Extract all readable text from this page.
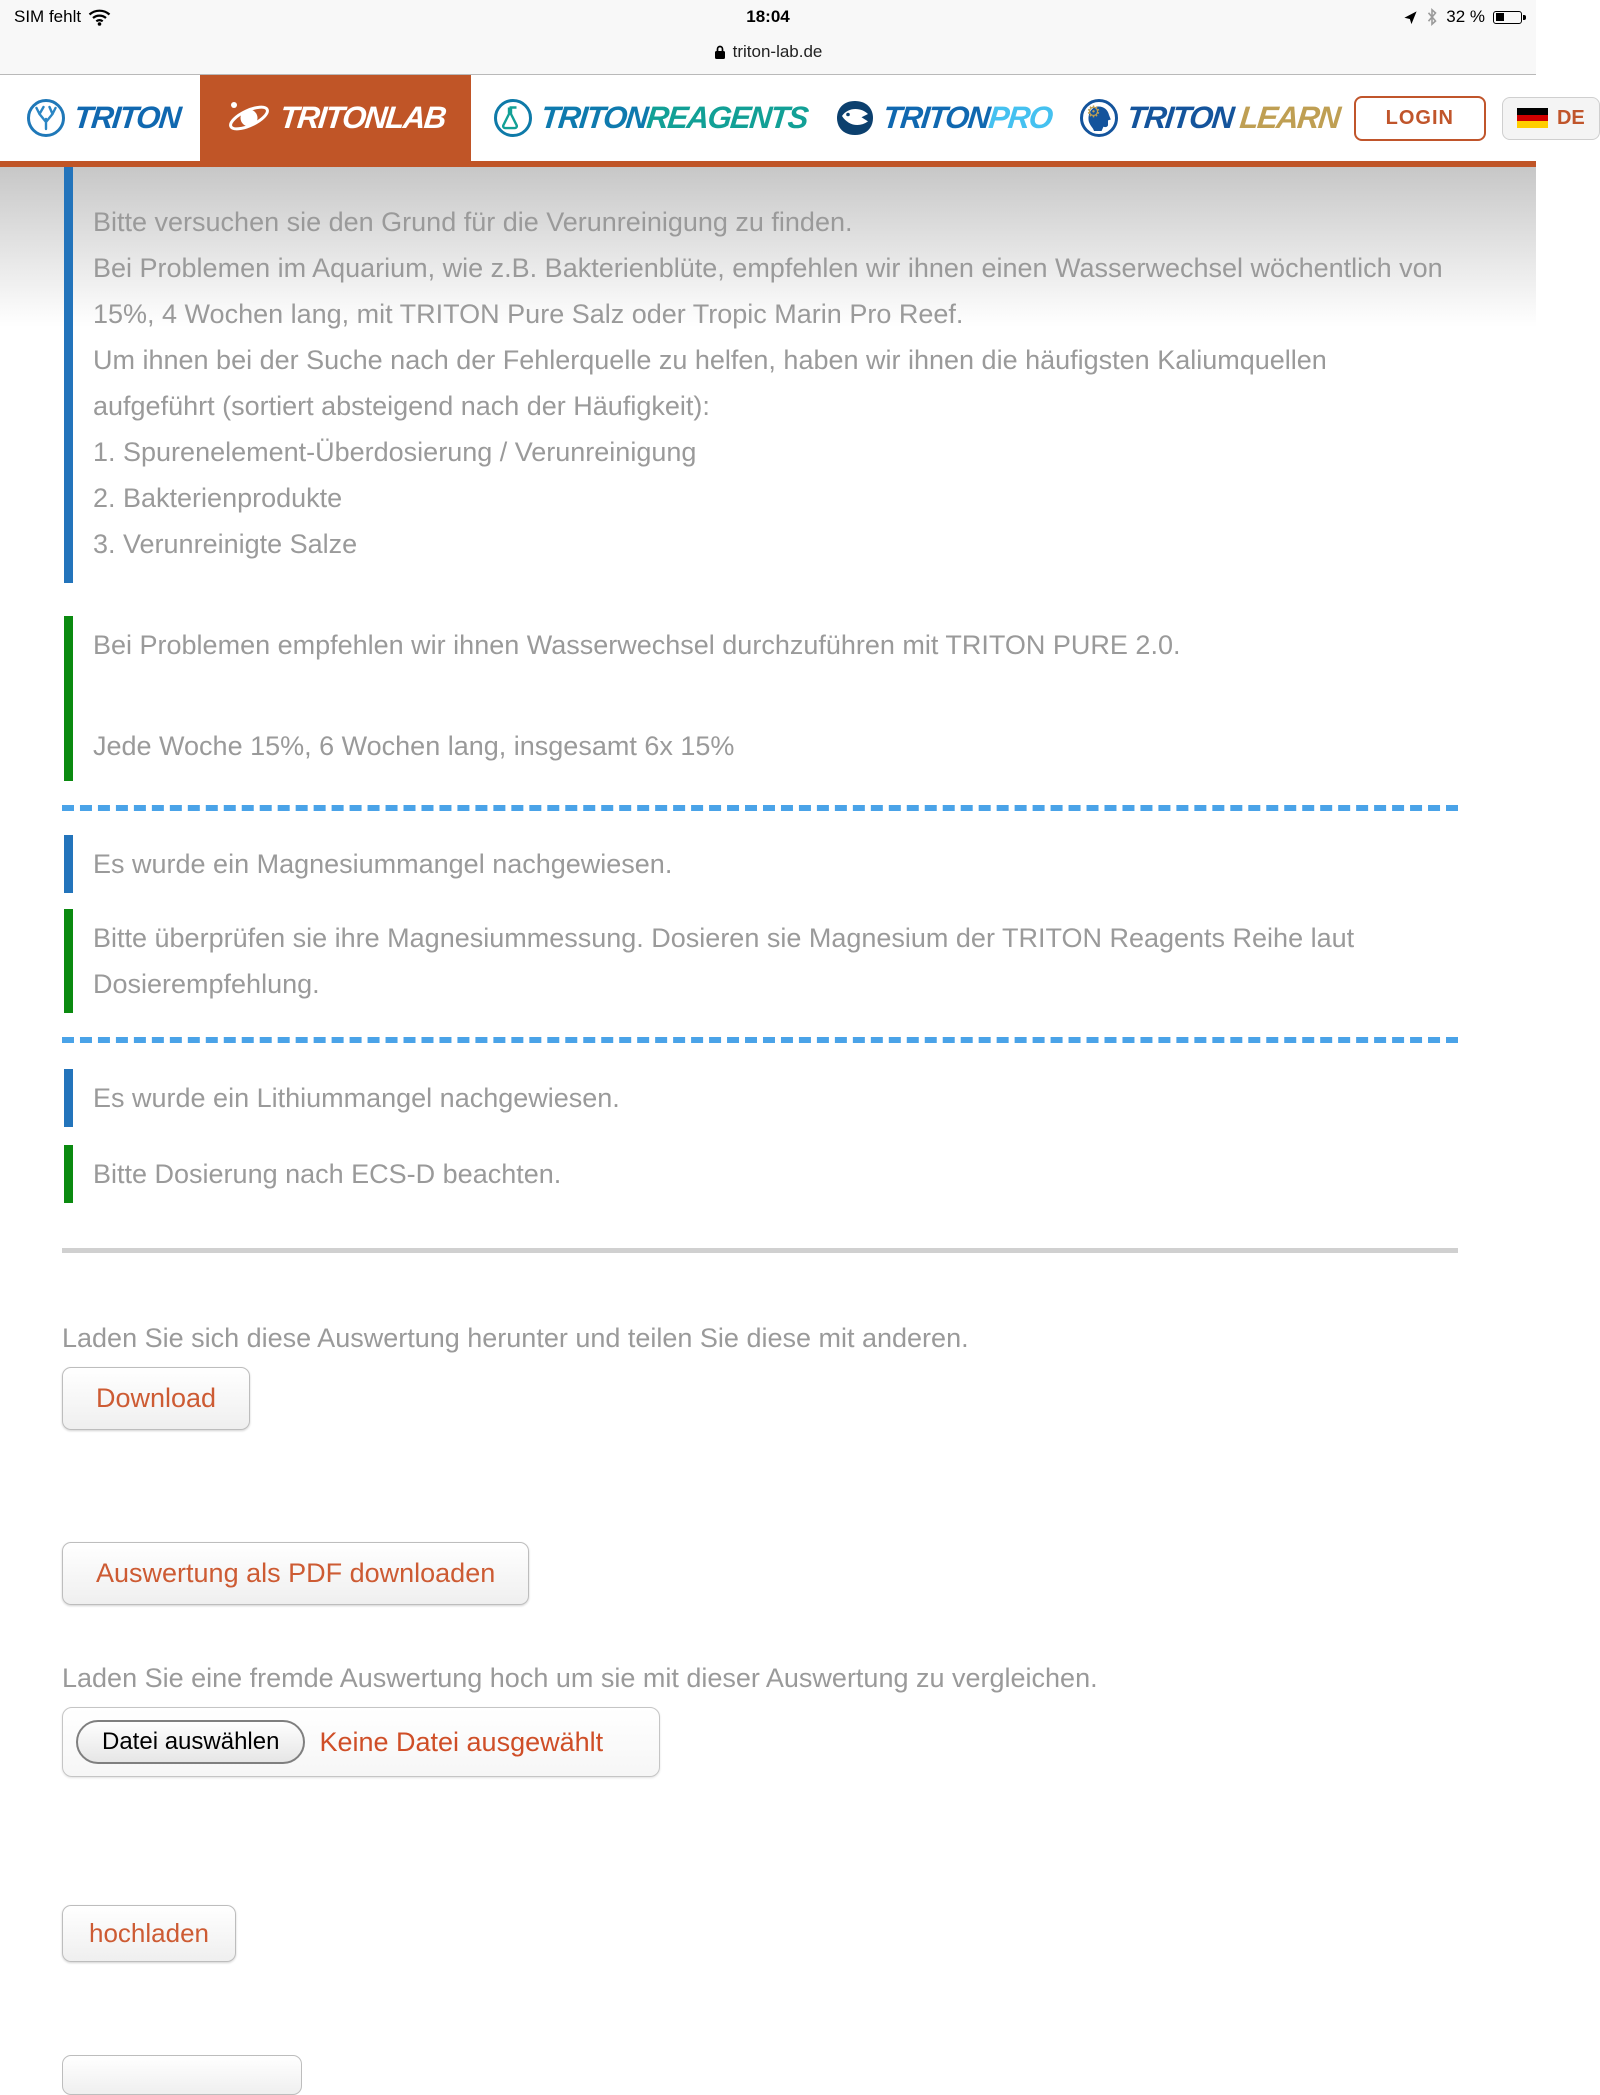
SIM fehlt	18:04	32 %
triton-lab.de
TRITON	TRITONLAB	TRITONREAGENTS TRITONPRO ⚙ TRITON LEARN	LOGIN	DE

Bitte versuchen sie den Grund für die Verunreinigung zu finden.

Bei Problemen im Aquarium, wie z.B. Bakterienblüte, empfehlen wir ihnen einen Wasserwechsel wöchentlich von 15%, 4 Wochen lang, mit TRITON Pure Salz oder Tropic Marin Pro Reef.

Um ihnen bei der Suche nach der Fehlerquelle zu helfen, haben wir ihnen die häufigsten Kaliumquellen aufgeführt (sortiert absteigend nach der Häufigkeit):

1. Spurenelement-Überdosierung / Verunreinigung

2. Bakterienprodukte

3. Verunreinigte Salze

Bei Problemen empfehlen wir ihnen Wasserwechsel durchzuführen mit TRITON PURE 2.0.

Jede Woche 15%, 6 Wochen lang, insgesamt 6x 15%

Es wurde ein Magnesiummangel nachgewiesen.

Bitte überprüfen sie ihre Magnesiummessung. Dosieren sie Magnesium der TRITON Reagents Reihe laut Dosierempfehlung.

Es wurde ein Lithiummangel nachgewiesen.

Bitte Dosierung nach ECS-D beachten.

Laden Sie sich diese Auswertung herunter und teilen Sie diese mit anderen.

Download
Auswertung als PDF downloaden

Laden Sie eine fremde Auswertung hoch um sie mit dieser Auswertung zu vergleichen.

Datei auswählen	Keine Datei ausgewählt
hochladen
